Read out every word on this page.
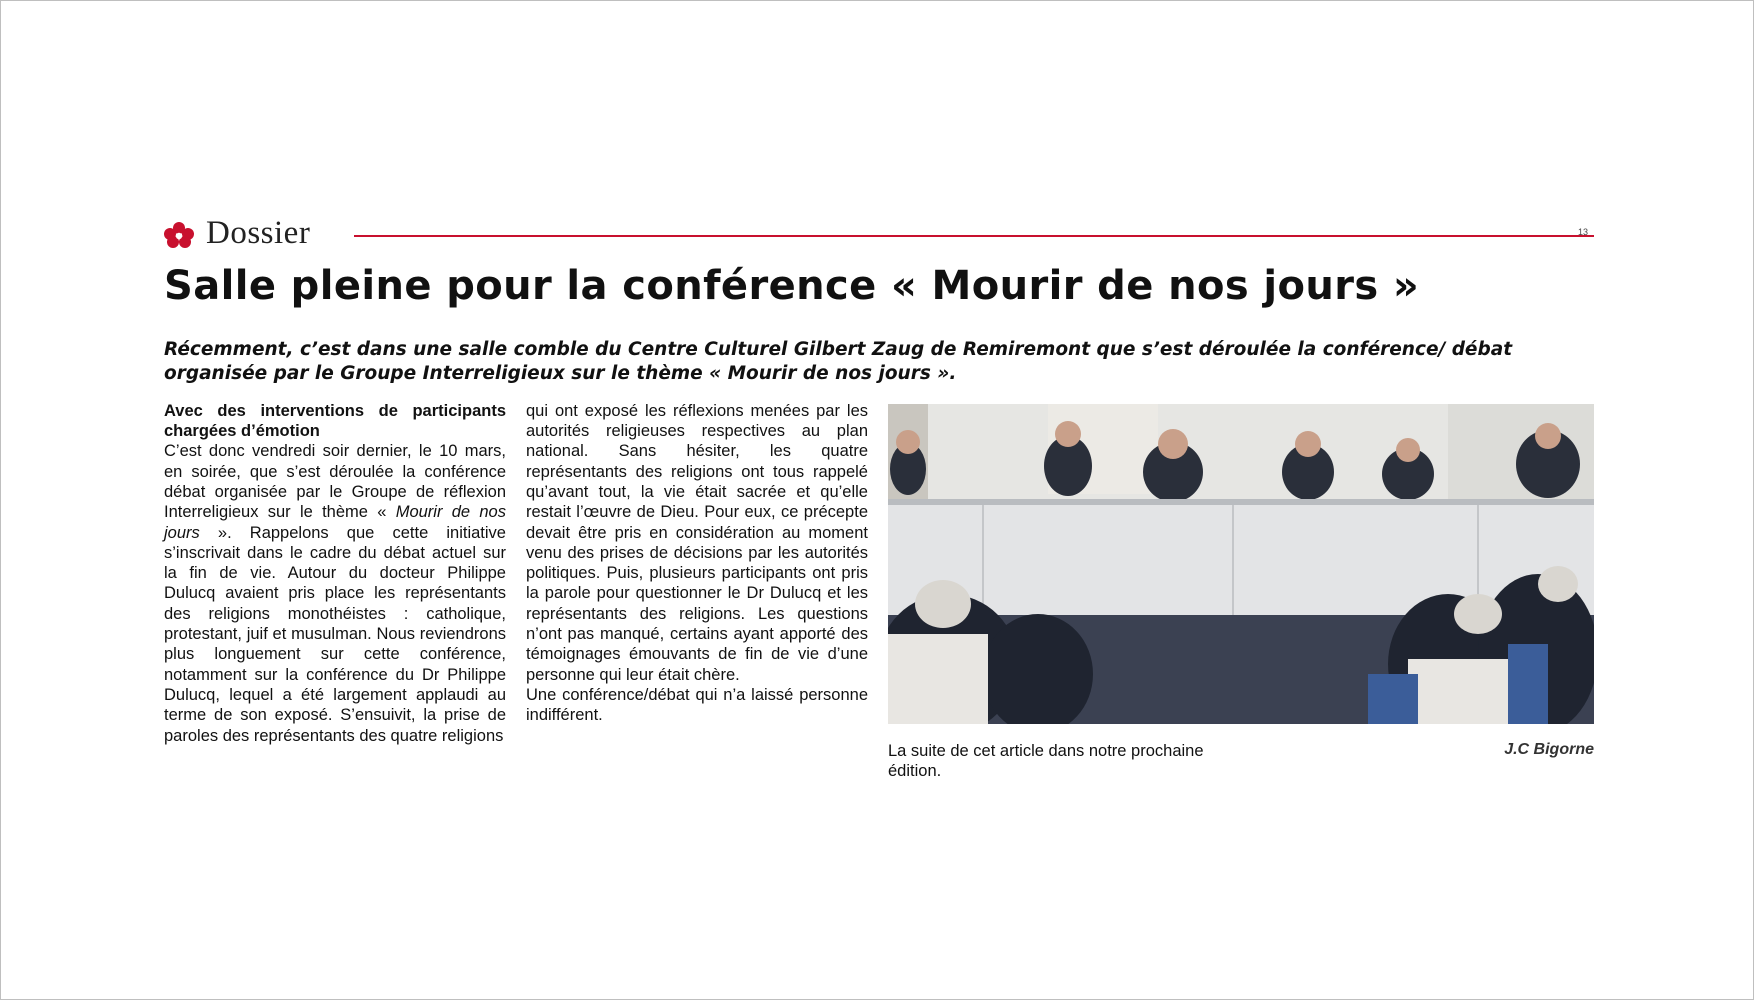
Dossier	13
Salle pleine pour la conférence « Mourir de nos jours »
Récemment, c’est dans une salle comble du Centre Culturel Gilbert Zaug de Remiremont que s’est déroulée la conférence/ débat organisée par le Groupe Interreligieux sur le thème « Mourir de nos jours ».
Avec des interventions de participants chargées d’émotion

C’est donc vendredi soir dernier, le 10 mars, en soirée, que s’est déroulée la conférence débat organisée par le Groupe de réflexion Interreligieux sur le thème « Mourir de nos jours ». Rappelons que cette initiative s’inscrivait dans le cadre du débat actuel sur la fin de vie. Autour du docteur Philippe Dulucq avaient pris place les représentants des religions monothéistes : catholique, protestant, juif et musulman. Nous reviendrons plus longuement sur cette conférence, notamment sur la conférence du Dr Philippe Dulucq, lequel a été largement applaudi au terme de son exposé. S’ensuivit, la prise de paroles des représentants des quatre religions

qui ont exposé les réflexions menées par les autorités religieuses respectives au plan national. Sans hésiter, les quatre représentants des religions ont tous rappelé qu’avant tout, la vie était sacrée et qu’elle restait l’œuvre de Dieu. Pour eux, ce précepte devait être pris en considération au moment venu des prises de décisions par les autorités politiques. Puis, plusieurs participants ont pris la parole pour questionner le Dr Dulucq et les représentants des religions. Les questions n’ont pas manqué, certains ayant apporté des témoignages émouvants de fin de vie d’une personne qui leur était chère.

Une conférence/débat qui n’a laissé personne indifférent.

La suite de cet article dans notre prochaine édition.
J.C Bigorne
